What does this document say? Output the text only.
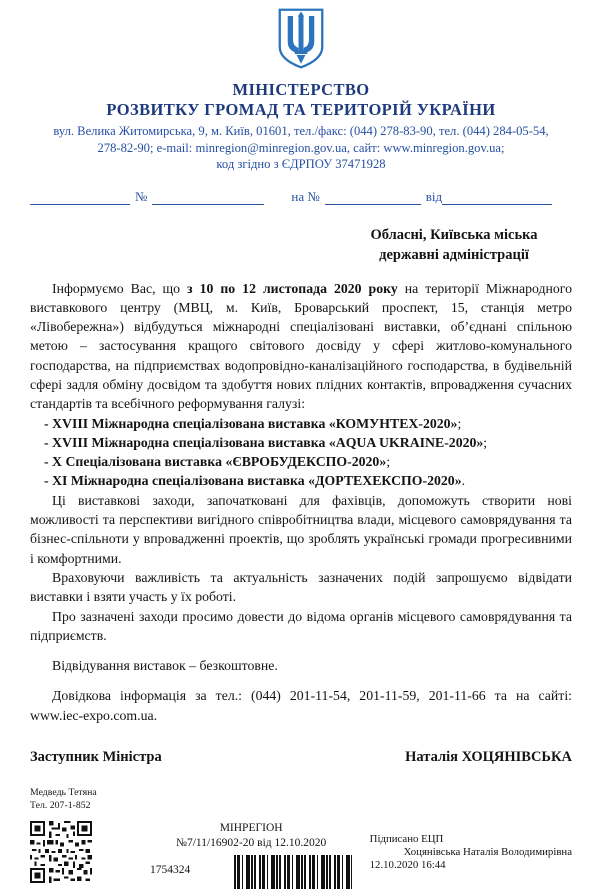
МІНІСТЕРСТВО
РОЗВИТКУ ГРОМАД ТА ТЕРИТОРІЙ УКРАЇНИ
вул. Велика Житомирська, 9, м. Київ, 01601, тел./факс: (044) 278-83-90, тел. (044) 284-05-54,
278-82-90; e-mail: minregion@minregion.gov.ua, сайт: www.minregion.gov.ua;
код згідно з ЄДРПОУ 37471928
№	на №	від
Обласні, Київська міська
державні адміністрації

Інформуємо Вас, що з 10 по 12 листопада 2020 року на території Міжнародного виставкового центру (МВЦ, м. Київ, Броварський проспект, 15, станція метро «Лівобережна») відбудуться міжнародні спеціалізовані виставки, об’єднані спільною метою – застосування кращого світового досвіду у сфері житлово-комунального господарства, на підприємствах водопровідно-каналізаційного господарства, в будівельній сфері задля обміну досвідом та здобуття нових плідних контактів, впровадження сучасних стандартів та всебічного реформування галузі:

- XVIII Міжнародна спеціалізована виставка «КОМУНТЕХ-2020»;

- XVIII Міжнародна спеціалізована виставка «AQUA UKRAINE-2020»;

- X Спеціалізована виставка «ЄВРОБУДЕКСПО-2020»;

- XI Міжнародна спеціалізована виставка «ДОРТЕХЕКСПО-2020».

Ці виставкові заходи, започатковані для фахівців, допоможуть створити нові можливості та перспективи вигідного співробітництва влади, місцевого самоврядування та бізнес-спільноти у впровадженні проектів, що зроблять українські громади прогресивними і комфортними.

Враховуючи важливість та актуальність зазначених подій запрошуємо відвідати виставки і взяти участь у їх роботі.

Про зазначені заходи просимо довести до відома органів місцевого самоврядування та підприємств.

Відвідування виставок – безкоштовне.

Довідкова інформація за тел.: (044) 201-11-54, 201-11-59, 201-11-66 та на сайті: www.iec-expo.com.ua.

Заступник Міністра	Наталія ХОЦЯНІВСЬКА
Медведь Тетяна
Тел. 207-1-852
МІНРЕГІОН
№7/11/16902-20 від 12.10.2020
1754324
Підписано ЕЦП
Хоцянівська Наталія Володимирівна
12.10.2020 16:44
